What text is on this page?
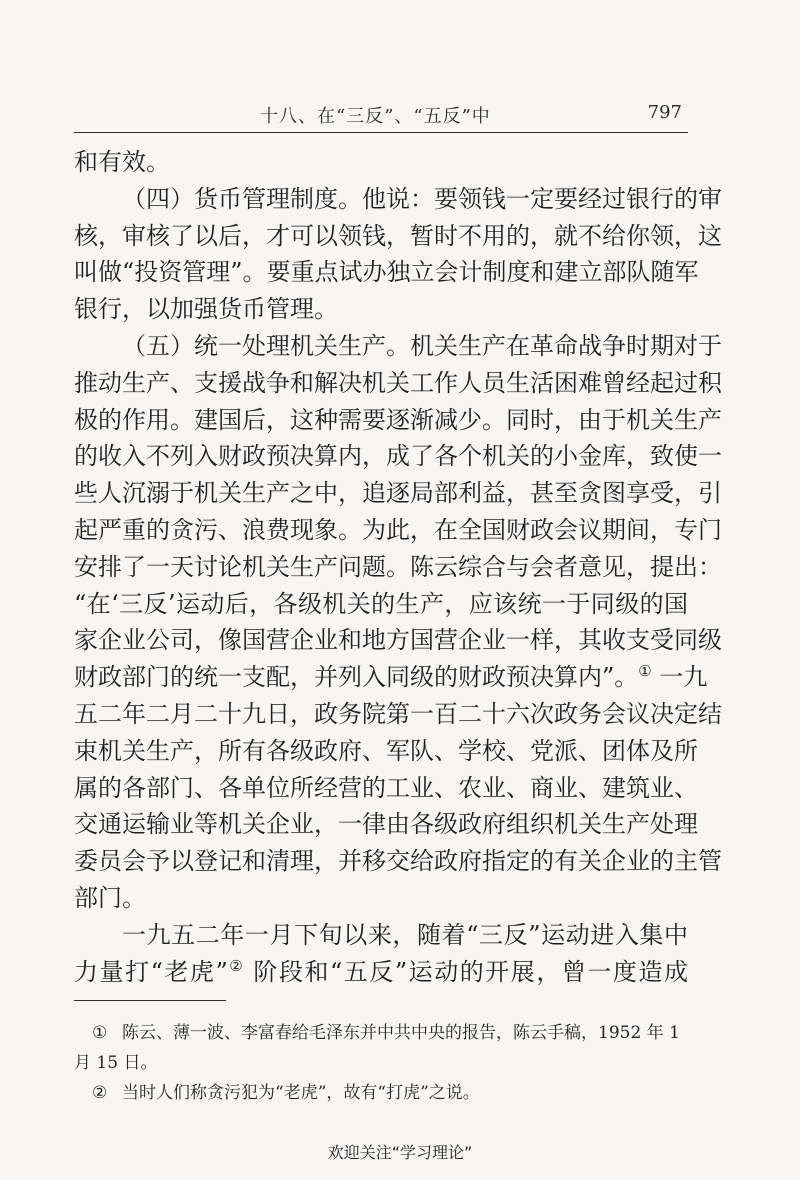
十八、在“三反”、“五反”中	797
和有效。
（四）货币管理制度。他说：要领钱一定要经过银行的审
核，审核了以后，才可以领钱，暂时不用的，就不给你领，这
叫做“投资管理”。要重点试办独立会计制度和建立部队随军
银行，以加强货币管理。
（五）统一处理机关生产。机关生产在革命战争时期对于
推动生产、支援战争和解决机关工作人员生活困难曾经起过积
极的作用。建国后，这种需要逐渐减少。同时，由于机关生产
的收入不列入财政预决算内，成了各个机关的小金库，致使一
些人沉溺于机关生产之中，追逐局部利益，甚至贪图享受，引
起严重的贪污、浪费现象。为此，在全国财政会议期间，专门
安排了一天讨论机关生产问题。陈云综合与会者意见，提出：
“在‘三反’运动后，各级机关的生产，应该统一于同级的国
家企业公司，像国营企业和地方国营企业一样，其收支受同级
财政部门的统一支配，并列入同级的财政预决算内”。① 一九
五二年二月二十九日，政务院第一百二十六次政务会议决定结
束机关生产，所有各级政府、军队、学校、党派、团体及所
属的各部门、各单位所经营的工业、农业、商业、建筑业、
交通运输业等机关企业，一律由各级政府组织机关生产处理
委员会予以登记和清理，并移交给政府指定的有关企业的主管
部门。
一九五二年一月下旬以来，随着“三反”运动进入集中
力量打“老虎”② 阶段和“五反”运动的开展，曾一度造成
① 陈云、薄一波、李富春给毛泽东并中共中央的报告，陈云手稿，1952 年 1
月 15 日。
② 当时人们称贪污犯为“老虎”，故有“打虎”之说。
欢迎关注“学习理论”
